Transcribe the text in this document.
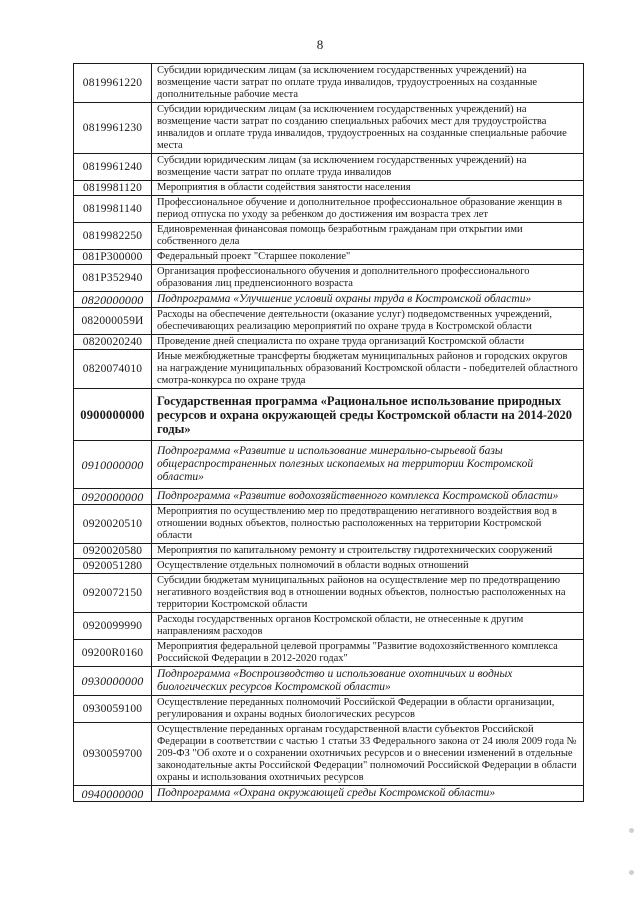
8
0819961220	Субсидии юридическим лицам (за исключением государственных учреждений) на возмещение части затрат по оплате труда инвалидов, трудоустроенных на созданные дополнительные рабочие места
0819961230	Субсидии юридическим лицам (за исключением государственных учреждений) на возмещение части затрат по созданию специальных рабочих мест для трудоустройства инвалидов и оплате труда инвалидов, трудоустроенных на созданные специальные рабочие места
0819961240	Субсидии юридическим лицам (за исключением государственных учреждений) на возмещение части затрат по оплате труда инвалидов
0819981120	Мероприятия в области содействия занятости населения
0819981140	Профессиональное обучение и дополнительное профессиональное образование женщин в период отпуска по уходу за ребенком до достижения им возраста трех лет
0819982250	Единовременная финансовая помощь безработным гражданам при открытии ими собственного дела
081P300000	Федеральный проект "Старшее поколение"
081P352940	Организация профессионального обучения и дополнительного профессионального образования лиц предпенсионного возраста
0820000000	Подпрограмма «Улучшение условий охраны труда в Костромской области»
082000059И	Расходы на обеспечение деятельности (оказание услуг) подведомственных учреждений, обеспечивающих реализацию мероприятий по охране труда в Костромской области
0820020240	Проведение дней специалиста по охране труда организаций Костромской области
0820074010	Иные межбюджетные трансферты бюджетам муниципальных районов и городских округов на награждение муниципальных образований Костромской области - победителей областного смотра-конкурса по охране труда
0900000000	Государственная программа «Рациональное использование природных ресурсов и охрана окружающей среды Костромской области на 2014-2020 годы»
0910000000	Подпрограмма «Развитие и использование минерально-сырьевой базы общераспространенных полезных ископаемых на территории Костромской области»
0920000000	Подпрограмма «Развитие водохозяйственного комплекса Костромской области»
0920020510	Мероприятия по осуществлению мер по предотвращению негативного воздействия вод в отношении водных объектов, полностью расположенных на территории Костромской области
0920020580	Мероприятия по капитальному ремонту и строительству гидротехнических сооружений
0920051280	Осуществление отдельных полномочий в области водных отношений
0920072150	Субсидии бюджетам муниципальных районов на осуществление мер по предотвращению негативного воздействия вод в отношении водных объектов, полностью расположенных на территории Костромской области
0920099990	Расходы государственных органов Костромской области, не отнесенные к другим направлениям расходов
09200R0160	Мероприятия федеральной целевой программы "Развитие водохозяйственного комплекса Российской Федерации в 2012-2020 годах"
0930000000	Подпрограмма «Воспроизводство и использование охотничьих и водных биологических ресурсов Костромской области»
0930059100	Осуществление переданных полномочий Российской Федерации в области организации, регулирования и охраны водных биологических ресурсов
0930059700	Осуществление переданных органам государственной власти субъектов Российской Федерации в соответствии с частью 1 статьи 33 Федерального закона от 24 июля 2009 года № 209-ФЗ "Об охоте и о сохранении охотничьих ресурсов и о внесении изменений в отдельные законодательные акты Российской Федерации" полномочий Российской Федерации в области охраны и использования охотничьих ресурсов
0940000000	Подпрограмма «Охрана окружающей среды Костромской области»
